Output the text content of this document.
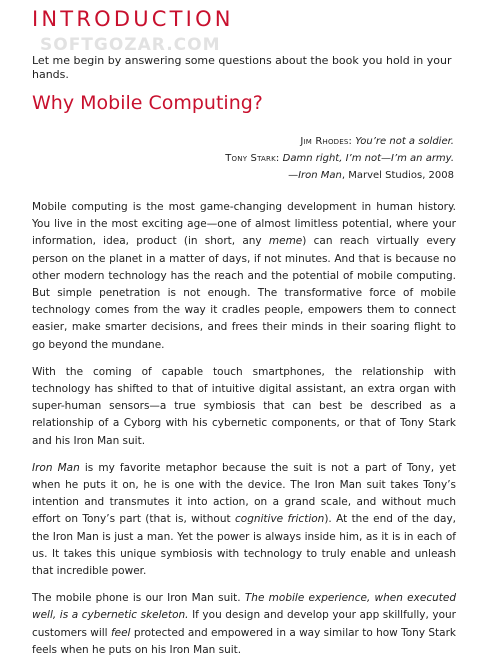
INTRODUCTION
SOFTGOZAR.COM

Let me begin by answering some questions about the book you hold in your hands.

Why Mobile Computing?
Jim Rhodes: You’re not a soldier.
Tony Stark: Damn right, I’m not—I’m an army.
—Iron Man, Marvel Studios, 2008

Mobile computing is the most game-changing development in human history. You live in the most exciting age—one of almost limitless potential, where your information, idea, product (in short, any meme) can reach virtually every person on the planet in a matter of days, if not minutes. And that is because no other modern technology has the reach and the potential of mobile computing. But simple penetration is not enough. The transformative force of mobile technology comes from the way it cradles people, empowers them to connect easier, make smarter decisions, and frees their minds in their soaring flight to go beyond the mundane.

With the coming of capable touch smartphones, the relationship with technology has shifted to that of intuitive digital assistant, an extra organ with super-human sensors—a true symbiosis that can best be described as a relationship of a Cyborg with his cybernetic components, or that of Tony Stark and his Iron Man suit.

Iron Man is my favorite metaphor because the suit is not a part of Tony, yet when he puts it on, he is one with the device. The Iron Man suit takes Tony’s intention and transmutes it into action, on a grand scale, and without much effort on Tony’s part (that is, without cognitive friction). At the end of the day, the Iron Man is just a man. Yet the power is always inside him, as it is in each of us. It takes this unique symbiosis with technology to truly enable and unleash that incredible power.

The mobile phone is our Iron Man suit. The mobile experience, when executed well, is a cybernetic skeleton. If you design and develop your app skillfully, your customers will feel protected and empowered in a way similar to how Tony Stark feels when he puts on his Iron Man suit.
